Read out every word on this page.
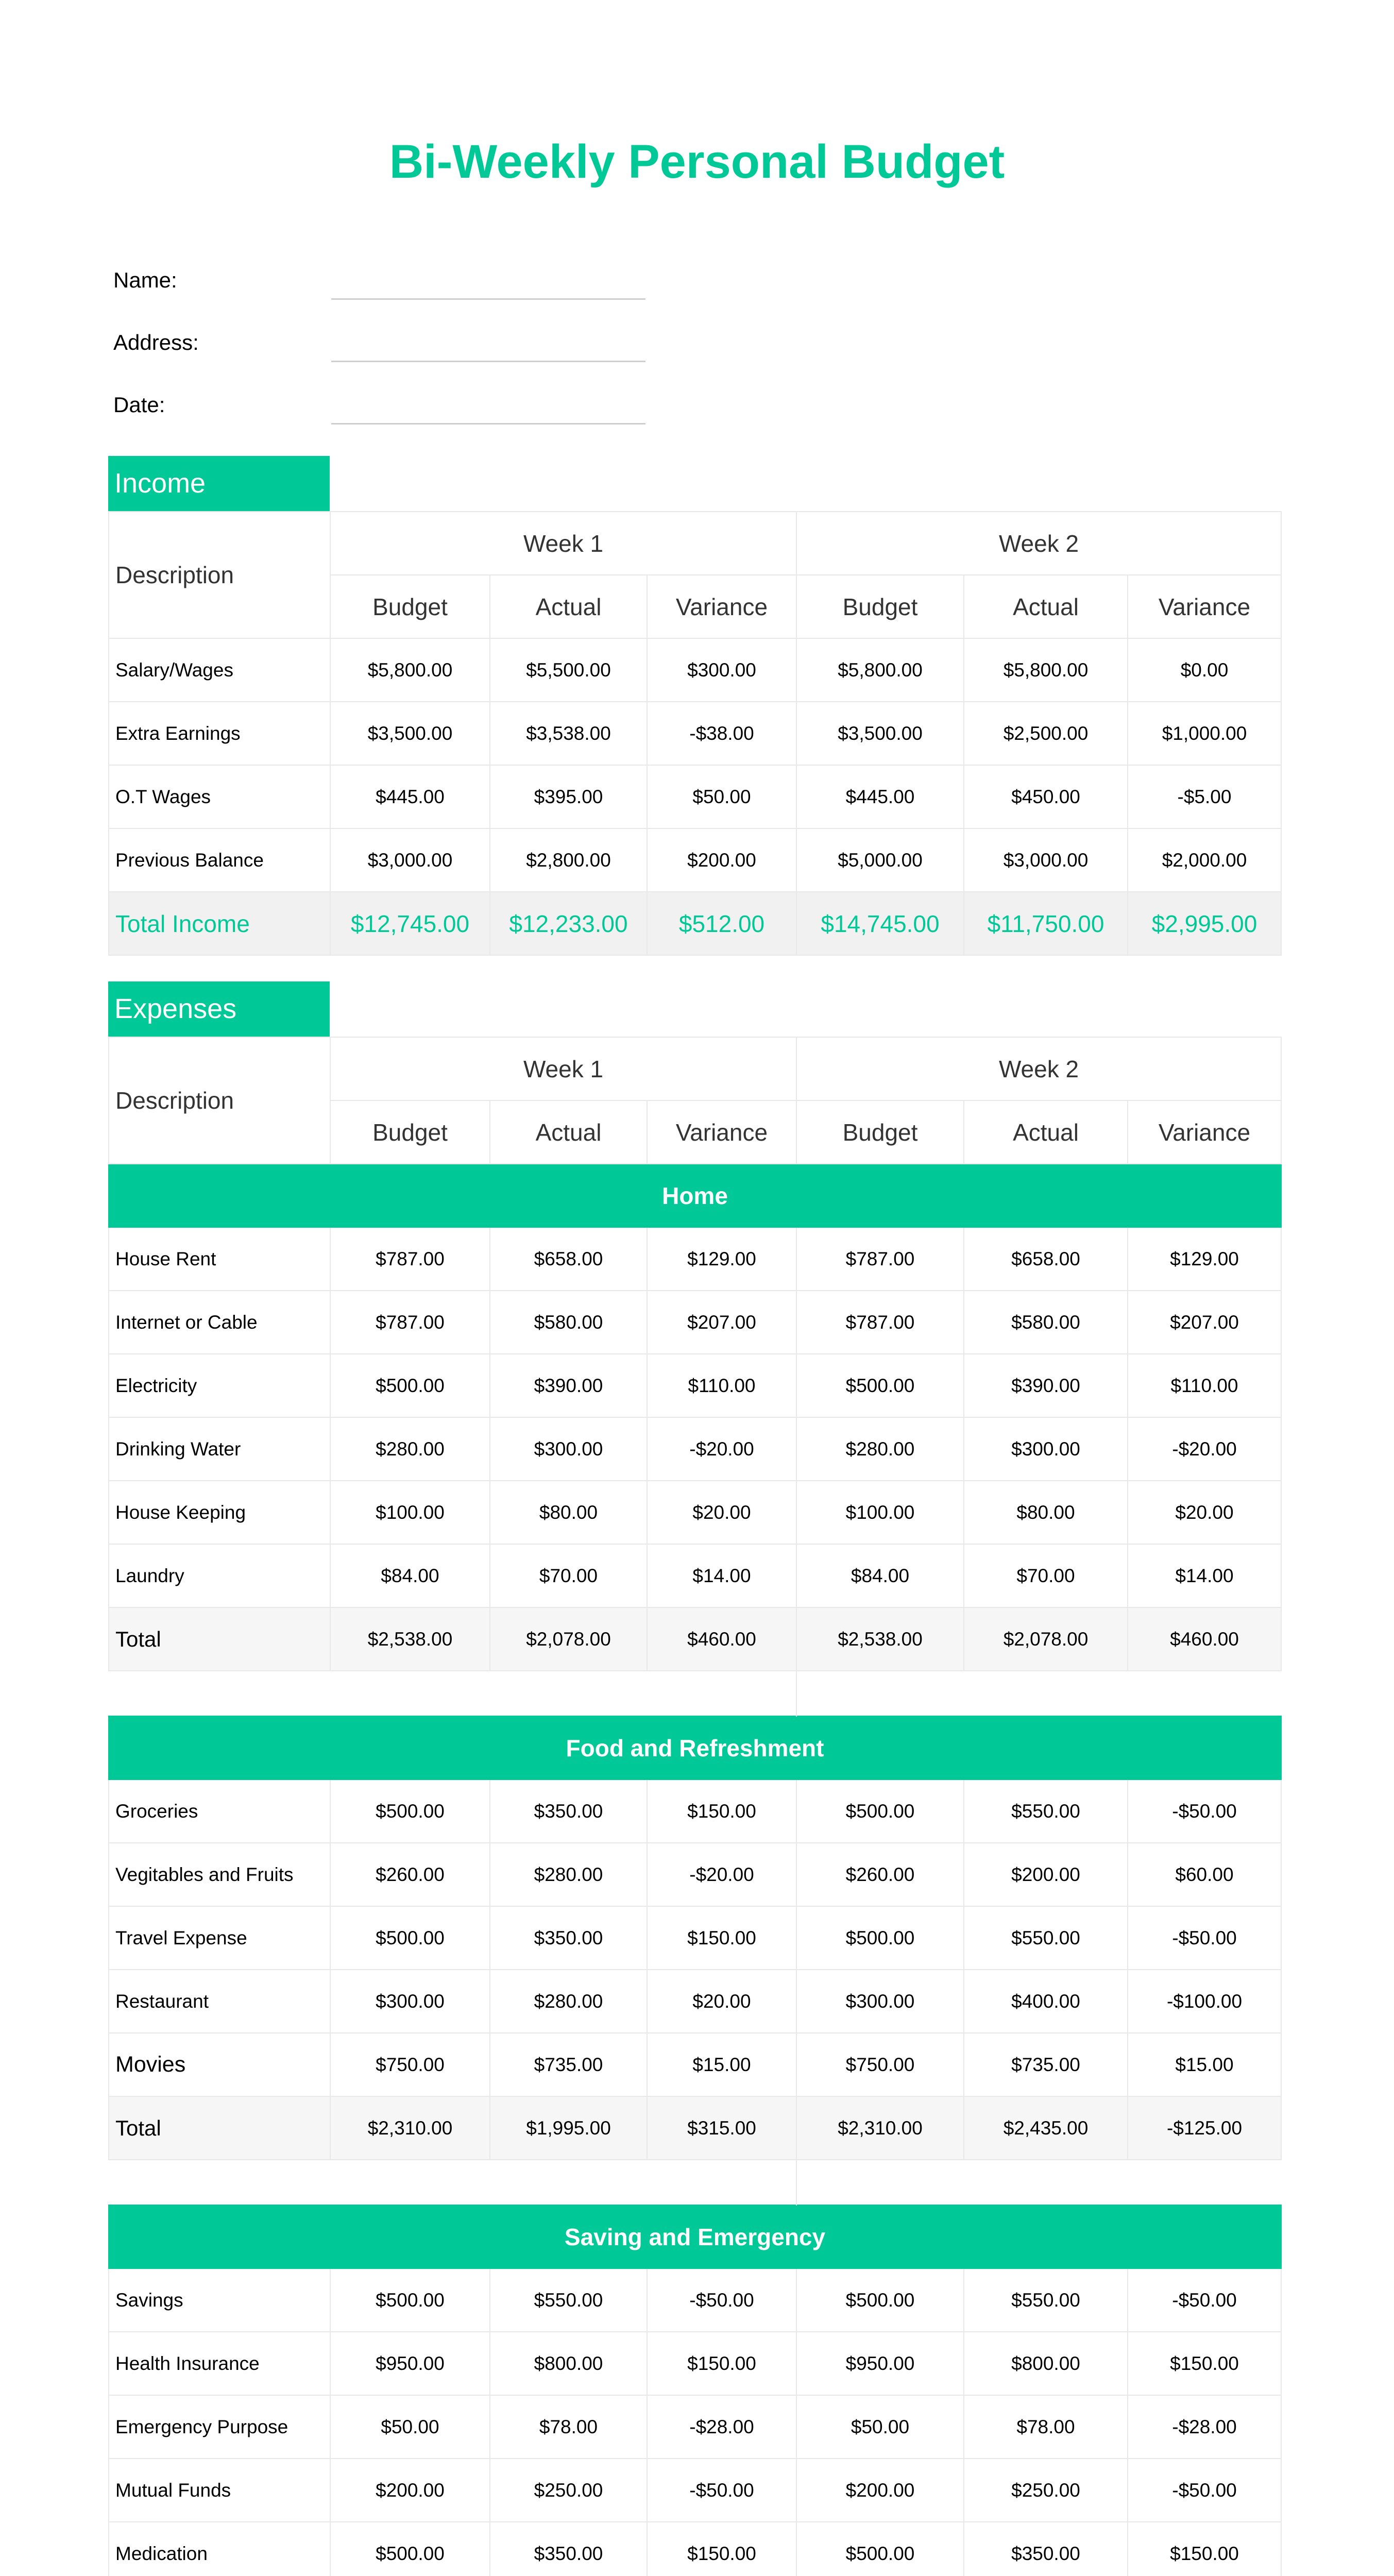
Bi-Weekly Personal Budget
Name:
Address:
Date:
Income
Description	Week 1			Week 2		
	Budget	Actual	Variance	Budget	Actual	Variance
Salary/Wages	$5,800.00	$5,500.00	$300.00	$5,800.00	$5,800.00	$0.00
Extra Earnings	$3,500.00	$3,538.00	-$38.00	$3,500.00	$2,500.00	$1,000.00
O.T Wages	$445.00	$395.00	$50.00	$445.00	$450.00	-$5.00
Previous Balance	$3,000.00	$2,800.00	$200.00	$5,000.00	$3,000.00	$2,000.00
Total Income	$12,745.00	$12,233.00	$512.00	$14,745.00	$11,750.00	$2,995.00
Expenses
Description	Week 1			Week 2		
	Budget	Actual	Variance	Budget	Actual	Variance
Home						
House Rent	$787.00	$658.00	$129.00	$787.00	$658.00	$129.00
Internet or Cable	$787.00	$580.00	$207.00	$787.00	$580.00	$207.00
Electricity	$500.00	$390.00	$110.00	$500.00	$390.00	$110.00
Drinking Water	$280.00	$300.00	-$20.00	$280.00	$300.00	-$20.00
House Keeping	$100.00	$80.00	$20.00	$100.00	$80.00	$20.00
Laundry	$84.00	$70.00	$14.00	$84.00	$70.00	$14.00
Total	$2,538.00	$2,078.00	$460.00	$2,538.00	$2,078.00	$460.00

Food and Refreshment						
Groceries	$500.00	$350.00	$150.00	$500.00	$550.00	-$50.00
Vegitables and Fruits	$260.00	$280.00	-$20.00	$260.00	$200.00	$60.00
Travel Expense	$500.00	$350.00	$150.00	$500.00	$550.00	-$50.00
Restaurant	$300.00	$280.00	$20.00	$300.00	$400.00	-$100.00
Movies	$750.00	$735.00	$15.00	$750.00	$735.00	$15.00
Total	$2,310.00	$1,995.00	$315.00	$2,310.00	$2,435.00	-$125.00

Saving and Emergency						
Savings	$500.00	$550.00	-$50.00	$500.00	$550.00	-$50.00
Health Insurance	$950.00	$800.00	$150.00	$950.00	$800.00	$150.00
Emergency Purpose	$50.00	$78.00	-$28.00	$50.00	$78.00	-$28.00
Mutual Funds	$200.00	$250.00	-$50.00	$200.00	$250.00	-$50.00
Medication	$500.00	$350.00	$150.00	$500.00	$350.00	$150.00
